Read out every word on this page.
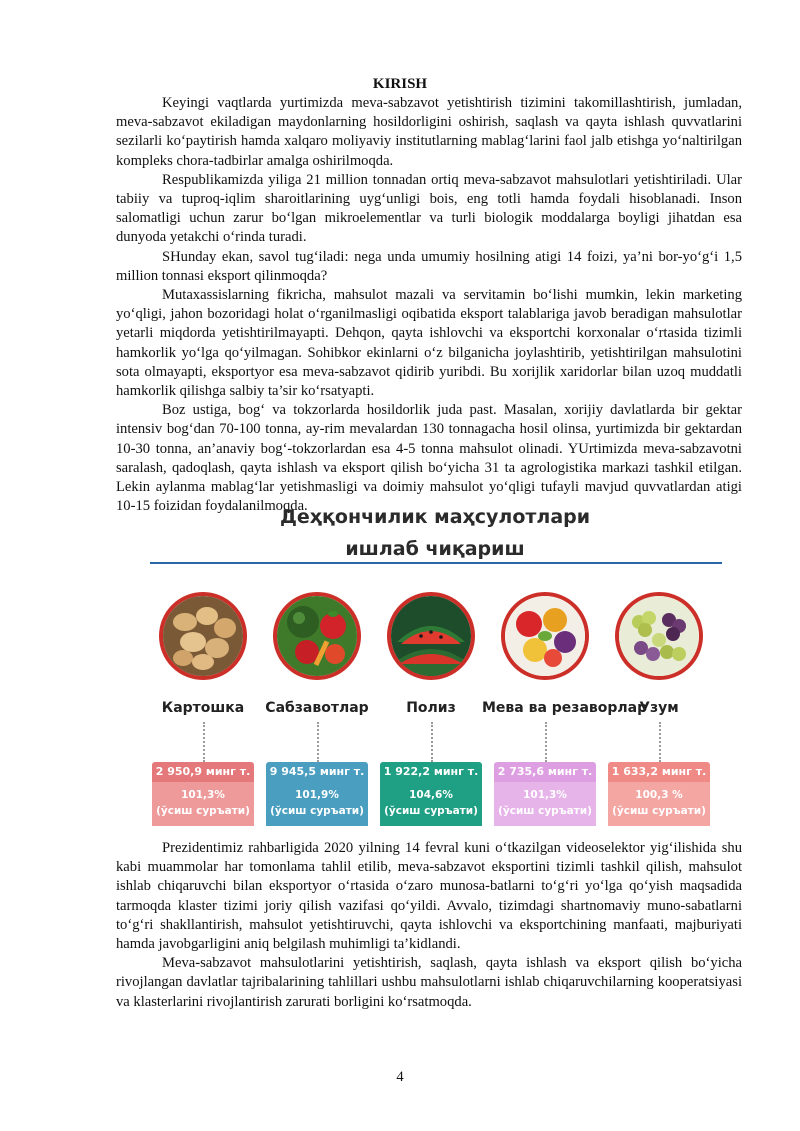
KIRISH

Keyingi vaqtlarda yurtimizda meva-sabzavot yetishtirish tizimini takomillashtirish, jumladan, meva-sabzavot ekiladigan maydonlarning hosildorligini oshirish, saqlash va qayta ishlash quvvatlarini sezilarli ko‘paytirish hamda xalqaro moliyaviy institutlarning mablag‘larini faol jalb etishga yo‘naltirilgan kompleks chora-tadbirlar amalga oshirilmoqda.

Respublikamizda yiliga 21 million tonnadan ortiq meva-sabzavot mahsulotlari yetishtiriladi. Ular tabiiy va tuproq-iqlim sharoitlarining uyg‘unligi bois, eng totli hamda foydali hisoblanadi. Inson salomatligi uchun zarur bo‘lgan mikroelementlar va turli biologik moddalarga boyligi jihatdan esa dunyoda yetakchi o‘rinda turadi.

SHunday ekan, savol tug‘iladi: nega unda umumiy hosilning atigi 14 foizi, ya’ni bor-yo‘g‘i 1,5 million tonnasi eksport qilinmoqda?

Mutaxassislarning fikricha, mahsulot mazali va servitamin bo‘lishi mumkin, lekin marketing yo‘qligi, jahon bozoridagi holat o‘rganilmasligi oqibatida eksport talablariga javob beradigan mahsulotlar yetarli miqdorda yetishtirilmayapti. Dehqon, qayta ishlovchi va eksportchi korxonalar o‘rtasida tizimli hamkorlik yo‘lga qo‘yilmagan. Sohibkor ekinlarni o‘z bilganicha joylashtirib, yetishtirilgan mahsulotini sota olmayapti, eksportyor esa meva-sabzavot qidirib yuribdi. Bu xorijlik xaridorlar bilan uzoq muddatli hamkorlik qilishga salbiy ta’sir ko‘rsatyapti.

Boz ustiga, bog‘ va tokzorlarda hosildorlik juda past. Masalan, xorijiy davlatlarda bir gektar intensiv bog‘dan 70-100 tonna, ay-rim mevalardan 130 tonnagacha hosil olinsa, yurtimizda bir gektardan 10-30 tonna, an’anaviy bog‘-tokzorlardan esa 4-5 tonna mahsulot olinadi. YUrtimizda meva-sabzavotni saralash, qadoqlash, qayta ishlash va eksport qilish bo‘yicha 31 ta agrologistika markazi tashkil etilgan. Lekin aylanma mablag‘lar yetishmasligi va doimiy mahsulot yo‘qligi tufayli mavjud quvvatlardan atigi 10-15 foizidan foydalanilmoqda.

Деҳқончилик маҳсулотлари
ишлаб чиқариш
Картошка
2 950,9 минг т.
101,3%
(ўсиш суръати)
Сабзавотлар
9 945,5 минг т.
101,9%
(ўсиш суръати)
Полиз
1 922,2 минг т.
104,6%
(ўсиш суръати)
Мева ва резаворлар
2 735,6 минг т.
101,3%
(ўсиш суръати)
Узум
1 633,2 минг т.
100,3 %
(ўсиш суръати)

Prezidentimiz rahbarligida 2020 yilning 14 fevral kuni o‘tkazilgan videoselektor yig‘ilishida shu kabi muammolar har tomonlama tahlil etilib, meva-sabzavot eksportini tizimli tashkil qilish, mahsulot ishlab chiqaruvchi bilan eksportyor o‘rtasida o‘zaro munosa-batlarni to‘g‘ri yo‘lga qo‘yish maqsadida tarmoqda klaster tizimi joriy qilish vazifasi qo‘yildi. Avvalo, tizimdagi shartnomaviy muno-sabatlarni to‘g‘ri shakllantirish, mahsulot yetishtiruvchi, qayta ishlovchi va eksportchining manfaati, majburiyati hamda javobgarligini aniq belgilash muhimligi ta’kidlandi.

Meva-sabzavot mahsulotlarini yetishtirish, saqlash, qayta ishlash va eksport qilish bo‘yicha rivojlangan davlatlar tajribalarining tahlillari ushbu mahsulotlarni ishlab chiqaruvchilarning kooperatsiyasi va klasterlarini rivojlantirish zarurati borligini ko‘rsatmoqda.

4
